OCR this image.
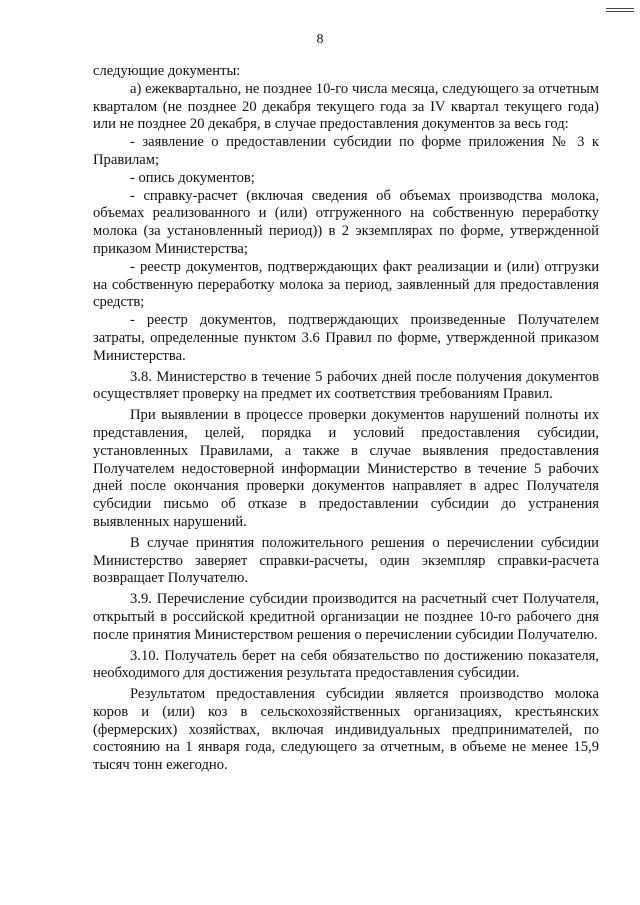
8

следующие документы:

а) ежеквартально, не позднее 10-го числа месяца, следующего за отчетным кварталом (не позднее 20 декабря текущего года за IV квартал текущего года) или не позднее 20 декабря, в случае предоставления документов за весь год:

- заявление о предоставлении субсидии по форме приложения № 3 к Правилам;

- опись документов;

- справку-расчет (включая сведения об объемах производства молока, объемах реализованного и (или) отгруженного на собственную переработку молока (за установленный период)) в 2 экземплярах по форме, утвержденной приказом Министерства;

- реестр документов, подтверждающих факт реализации и (или) отгрузки на собственную переработку молока за период, заявленный для предоставления средств;

- реестр документов, подтверждающих произведенные Получателем затраты, определенные пунктом 3.6 Правил по форме, утвержденной приказом Министерства.

3.8. Министерство в течение 5 рабочих дней после получения документов осуществляет проверку на предмет их соответствия требованиям Правил.

При выявлении в процессе проверки документов нарушений полноты их представления, целей, порядка и условий предоставления субсидии, установленных Правилами, а также в случае выявления предоставления Получателем недостоверной информации Министерство в течение 5 рабочих дней после окончания проверки документов направляет в адрес Получателя субсидии письмо об отказе в предоставлении субсидии до устранения выявленных нарушений.

В случае принятия положительного решения о перечислении субсидии Министерство заверяет справки-расчеты, один экземпляр справки-расчета возвращает Получателю.

3.9. Перечисление субсидии производится на расчетный счет Получателя, открытый в российской кредитной организации не позднее 10-го рабочего дня после принятия Министерством решения о перечислении субсидии Получателю.

3.10. Получатель берет на себя обязательство по достижению показателя, необходимого для достижения результата предоставления субсидии.

Результатом предоставления субсидии является производство молока коров и (или) коз в сельскохозяйственных организациях, крестьянских (фермерских) хозяйствах, включая индивидуальных предпринимателей, по состоянию на 1 января года, следующего за отчетным, в объеме не менее 15,9 тысяч тонн ежегодно.
